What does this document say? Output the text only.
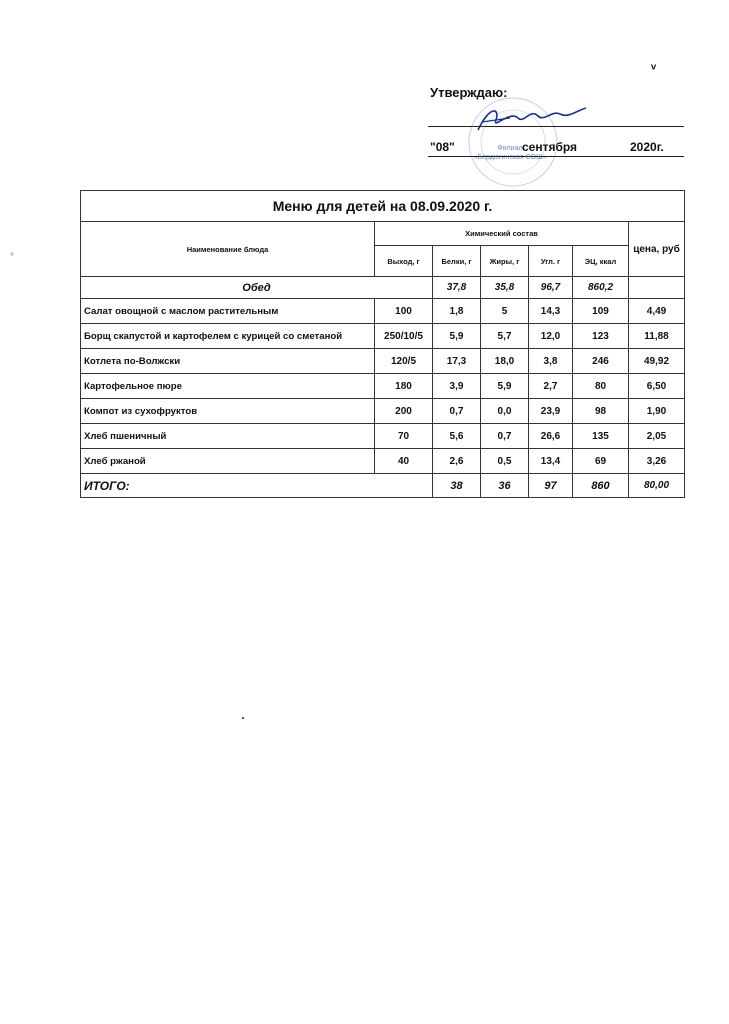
ᵛ
°
Утверждаю:
Филиал
«Бердюгинская СОШ»
"08"	сентября	2020г.
Меню для детей на 08.09.2020 г.						
Наименование блюда	Химический состав					цена, руб
	Выход, г	Белки, г	Жиры, г	Угл. г	ЭЦ, ккал	
Обед		37,8	35,8	96,7	860,2	
Салат овощной с маслом растительным	100	1,8	5	14,3	109	4,49
Борщ скапустой и картофелем с курицей со сметаной	250/10/5	5,9	5,7	12,0	123	11,88
Котлета по-Волжски	120/5	17,3	18,0	3,8	246	49,92
Картофельное пюре	180	3,9	5,9	2,7	80	6,50
Компот из сухофруктов	200	0,7	0,0	23,9	98	1,90
Хлеб пшеничный	70	5,6	0,7	26,6	135	2,05
Хлеб ржаной	40	2,6	0,5	13,4	69	3,26
ИТОГО:		38	36	97	860	80,00
